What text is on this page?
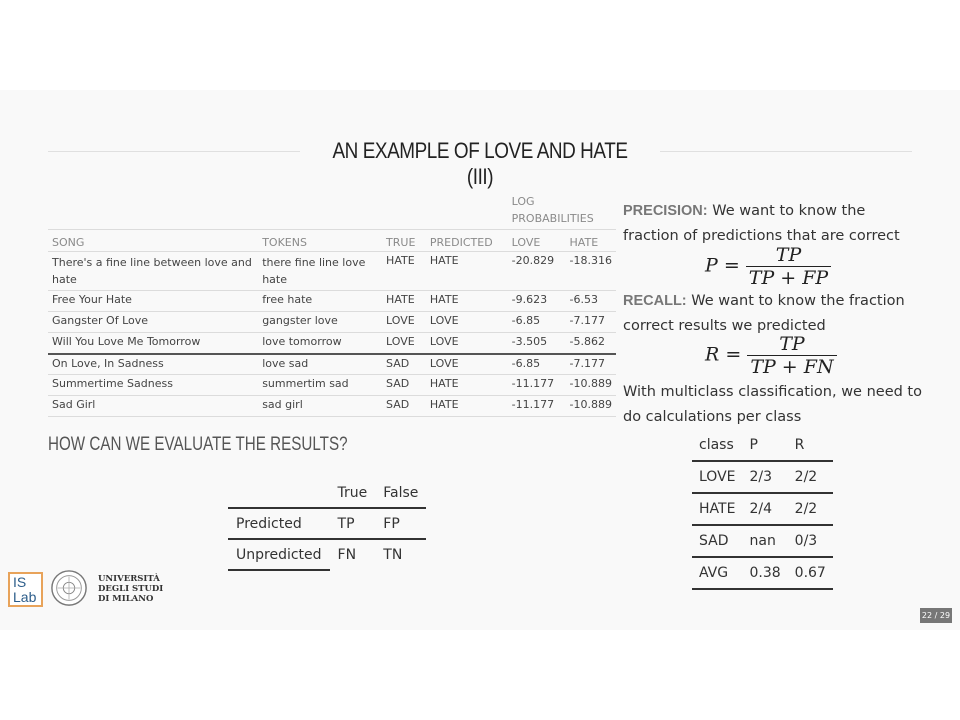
AN EXAMPLE OF LOVE AND HATE (III)
				LOG PROBABILITIES	
SONG	TOKENS	TRUE	PREDICTED	LOVE	HATE
There's a fine line between love and hate	there fine line love hate	HATE	HATE	-20.829	-18.316
Free Your Hate	free hate	HATE	HATE	-9.623	-6.53
Gangster Of Love	gangster love	LOVE	LOVE	-6.85	-7.177
Will You Love Me Tomorrow	love tomorrow	LOVE	LOVE	-3.505	-5.862
On Love, In Sadness	love sad	SAD	LOVE	-6.85	-7.177
Summertime Sadness	summertim sad	SAD	HATE	-11.177	-10.889
Sad Girl	sad girl	SAD	HATE	-11.177	-10.889
HOW CAN WE EVALUATE THE RESULTS?
	True	False
Predicted	TP	FP
Unpredicted	FN	TN
PRECISION: We want to know the fraction of predictions that are correct
$P = \frac{TP}{TP + FP}$
RECALL: We want to know the fraction correct results we predicted
$R = \frac{TP}{TP + FN}$
With multiclass classification, we need to do calculations per class
class	P	R
LOVE	2/3	2/2
HATE	2/4	2/2
SAD	nan	0/3
AVG	0.38	0.67
IS
Lab
UNIVERSITÀ
DEGLI STUDI
DI MILANO
22 / 29
